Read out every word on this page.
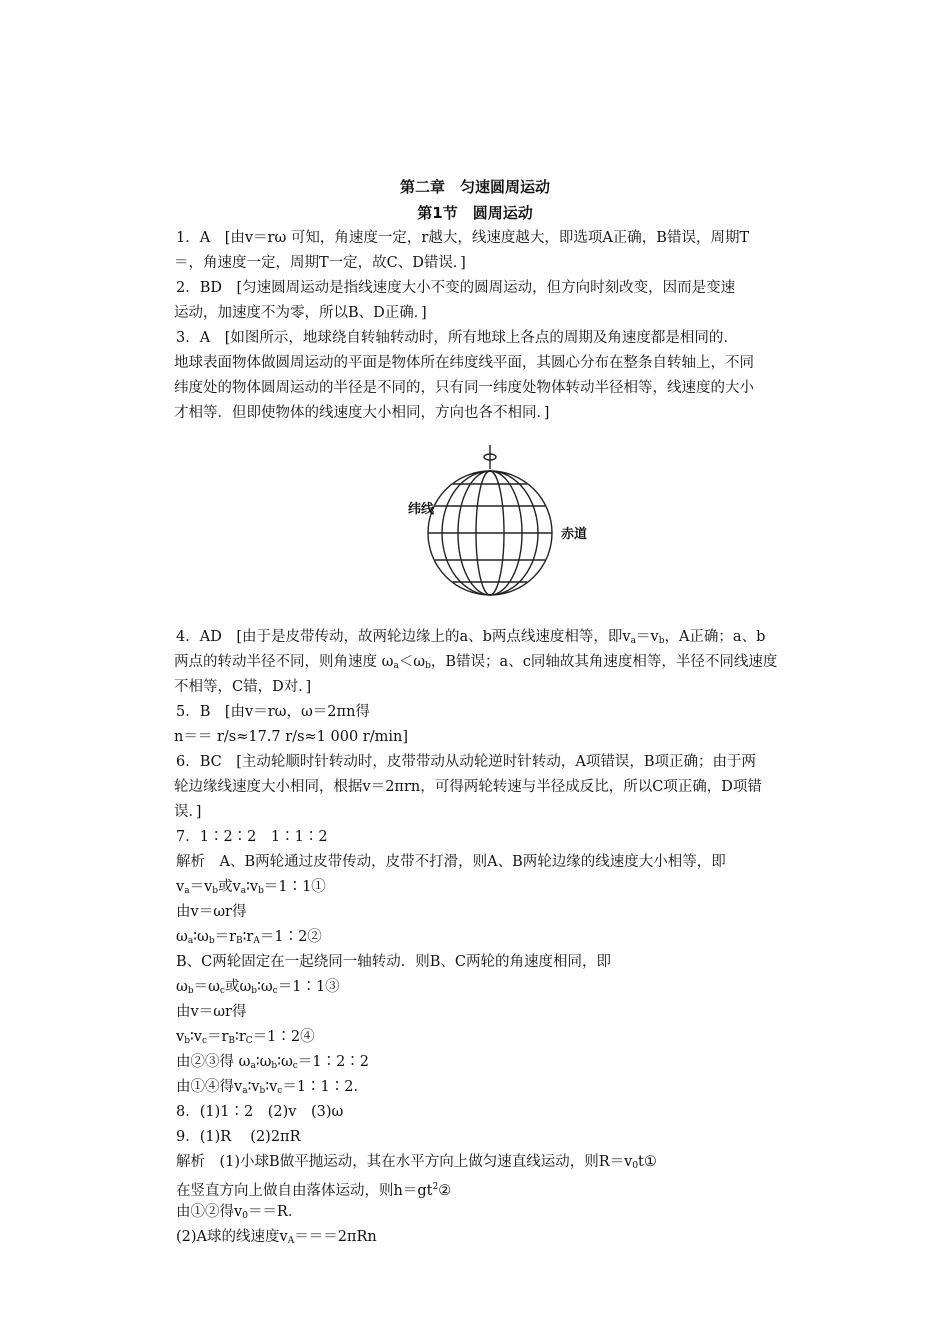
第二章　匀速圆周运动
第1节　圆周运动
1．A　[由v＝rω 可知，角速度一定，r越大，线速度越大，即选项A正确，B错误，周期T
＝，角速度一定，周期T一定，故C、D错误．]
2．BD　[匀速圆周运动是指线速度大小不变的圆周运动，但方向时刻改变，因而是变速
运动，加速度不为零，所以B、D正确．]
3．A　[如图所示，地球绕自转轴转动时，所有地球上各点的周期及角速度都是相同的．
地球表面物体做圆周运动的平面是物体所在纬度线平面，其圆心分布在整条自转轴上，不同
纬度处的物体圆周运动的半径是不同的，只有同一纬度处物体转动半径相等，线速度的大小
才相等．但即使物体的线速度大小相同，方向也各不相同．]
纬线
赤道
4．AD　[由于是皮带传动，故两轮边缘上的a、b两点线速度相等，即$v_a=v_b$，A正确；a、b
两点的转动半径不同，则角速度 $\omega_a<\omega_b$，B错误；a、c同轴故其角速度相等，半径不同线速度
不相等，C错，D对．]
5．B　[由v＝rω，ω＝2πn得
n＝＝ r/s≈17.7 r/s≈1 000 r/min]
6．BC　[主动轮顺时针转动时，皮带带动从动轮逆时针转动，A项错误，B项正确；由于两
轮边缘线速度大小相同，根据v＝2πrn，可得两轮转速与半径成反比，所以C项正确，D项错
误．]
7．1∶2∶2　1∶1∶2
解析　A、B两轮通过皮带传动，皮带不打滑，则A、B两轮边缘的线速度大小相等，即
$v_a=v_b$或$v_a∶v_b=1∶1①$
由v＝ωr得
$\omega_a∶\omega_b=r_B∶r_A=1∶2②$
B、C两轮固定在一起绕同一轴转动．则B、C两轮的角速度相同，即
$\omega_b=\omega_c$或$\omega_b∶\omega_c=1∶1③$
由v＝ωr得
$v_b∶v_c=r_B∶r_C=1∶2④$
由②③得 $\omega_a∶\omega_b∶\omega_c=1∶2∶2$
由①④得$v_a∶v_b∶v_c=1∶1∶2$.
8．(1)1∶2　(2)v　(3)ω
9．(1)R　 (2)2πR
解析　(1)小球B做平抛运动，其在水平方向上做匀速直线运动，则$R=v_0t①$
在竖直方向上做自由落体运动，则$h=gt^2②$
由①②得$v_0==R$．
(2)A球的线速度$v_A===2\pi Rn$
